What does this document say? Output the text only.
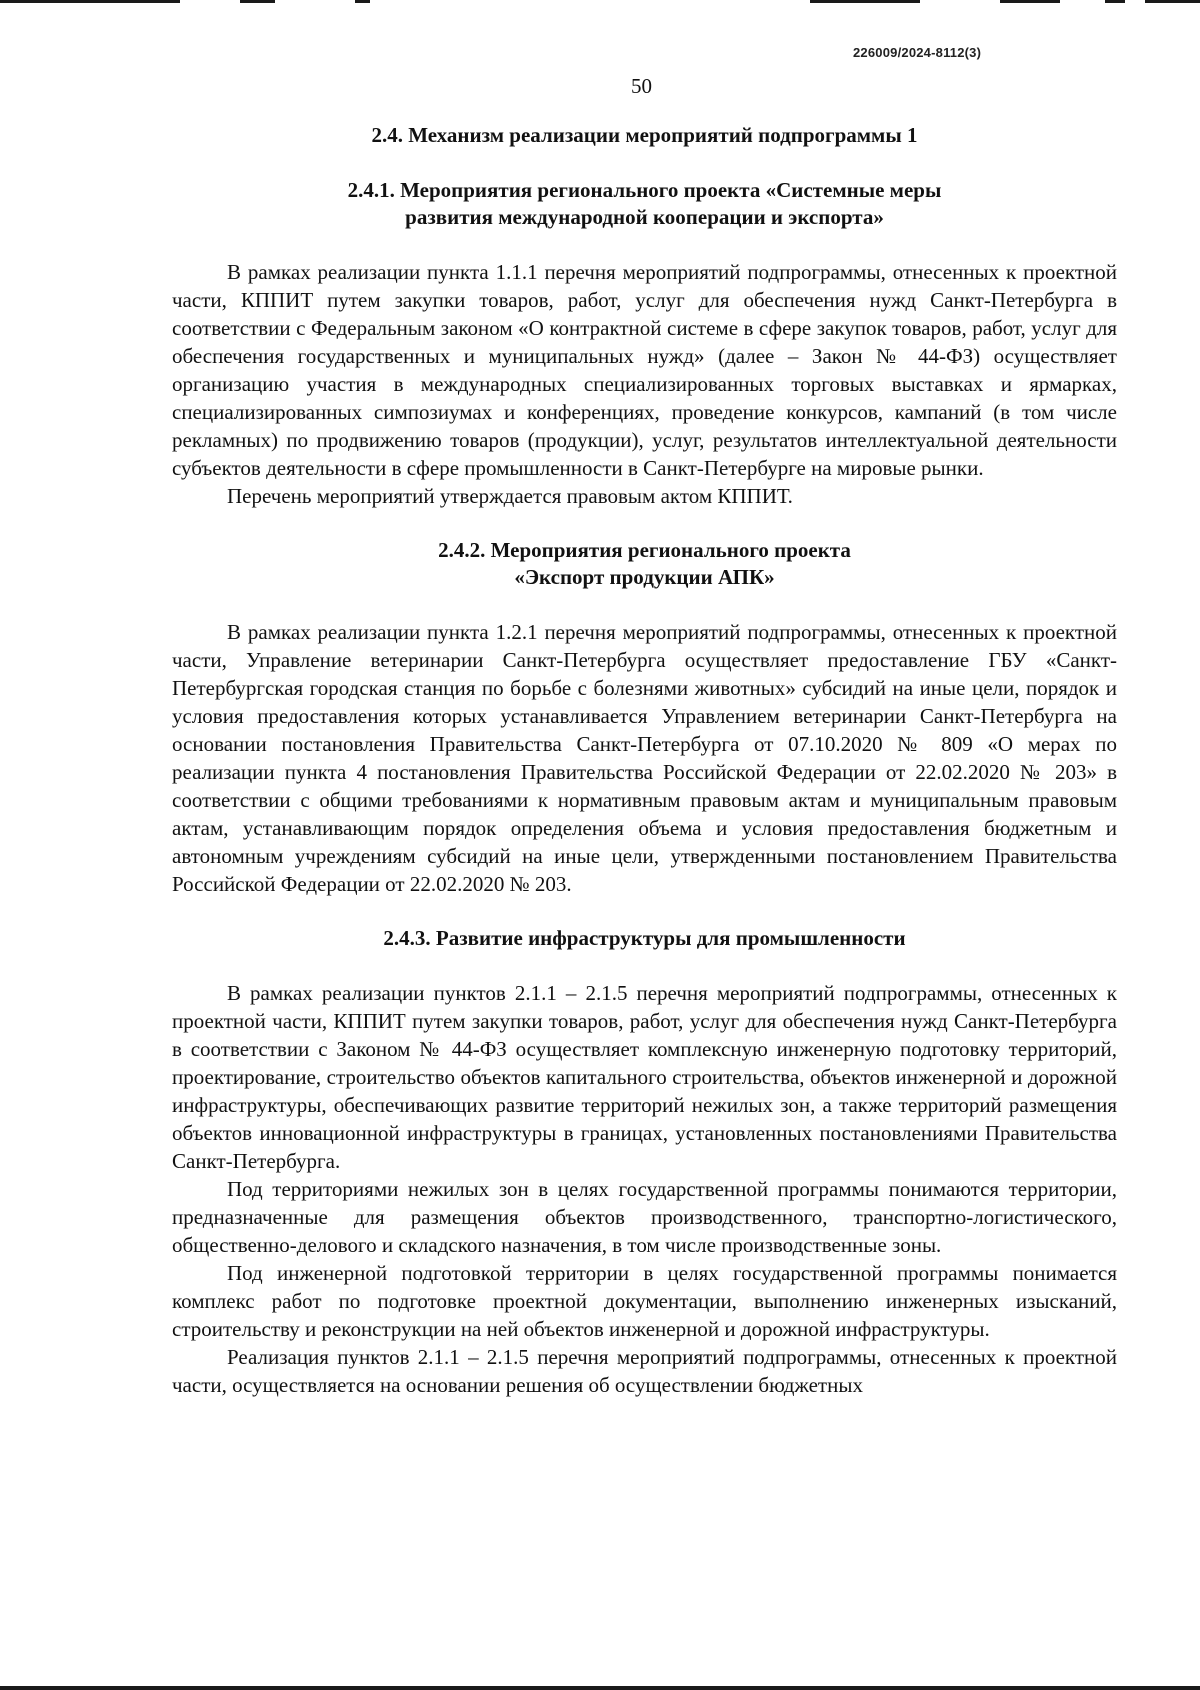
226009/2024-8112(3)
50
2.4. Механизм реализации мероприятий подпрограммы 1
2.4.1. Мероприятия регионального проекта «Системные меры
развития международной кооперации и экспорта»

В рамках реализации пункта 1.1.1 перечня мероприятий подпрограммы, отнесенных к проектной части, КППИТ путем закупки товаров, работ, услуг для обеспечения нужд Санкт-Петербурга в соответствии с Федеральным законом «О контрактной системе в сфере закупок товаров, работ, услуг для обеспечения государственных и муниципальных нужд» (далее – Закон № 44-ФЗ) осуществляет организацию участия в международных специализированных торговых выставках и ярмарках, специализированных симпозиумах и конференциях, проведение конкурсов, кампаний (в том числе рекламных) по продвижению товаров (продукции), услуг, результатов интеллектуальной деятельности субъектов деятельности в сфере промышленности в Санкт-Петербурге на мировые рынки.

Перечень мероприятий утверждается правовым актом КППИТ.

2.4.2. Мероприятия регионального проекта
«Экспорт продукции АПК»

В рамках реализации пункта 1.2.1 перечня мероприятий подпрограммы, отнесенных к проектной части, Управление ветеринарии Санкт-Петербурга осуществляет предоставление ГБУ «Санкт-Петербургская городская станция по борьбе с болезнями животных» субсидий на иные цели, порядок и условия предоставления которых устанавливается Управлением ветеринарии Санкт-Петербурга на основании постановления Правительства Санкт-Петербурга от 07.10.2020 № 809 «О мерах по реализации пункта 4 постановления Правительства Российской Федерации от 22.02.2020 № 203» в соответствии с общими требованиями к нормативным правовым актам и муниципальным правовым актам, устанавливающим порядок определения объема и условия предоставления бюджетным и автономным учреждениям субсидий на иные цели, утвержденными постановлением Правительства Российской Федерации от 22.02.2020 № 203.

2.4.3. Развитие инфраструктуры для промышленности

В рамках реализации пунктов 2.1.1 – 2.1.5 перечня мероприятий подпрограммы, отнесенных к проектной части, КППИТ путем закупки товаров, работ, услуг для обеспечения нужд Санкт-Петербурга в соответствии с Законом № 44-ФЗ осуществляет комплексную инженерную подготовку территорий, проектирование, строительство объектов капитального строительства, объектов инженерной и дорожной инфраструктуры, обеспечивающих развитие территорий нежилых зон, а также территорий размещения объектов инновационной инфраструктуры в границах, установленных постановлениями Правительства Санкт-Петербурга.

Под территориями нежилых зон в целях государственной программы понимаются территории, предназначенные для размещения объектов производственного, транспортно-логистического, общественно-делового и складского назначения, в том числе производственные зоны.

Под инженерной подготовкой территории в целях государственной программы понимается комплекс работ по подготовке проектной документации, выполнению инженерных изысканий, строительству и реконструкции на ней объектов инженерной и дорожной инфраструктуры.

Реализация пунктов 2.1.1 – 2.1.5 перечня мероприятий подпрограммы, отнесенных к проектной части, осуществляется на основании решения об осуществлении бюджетных
